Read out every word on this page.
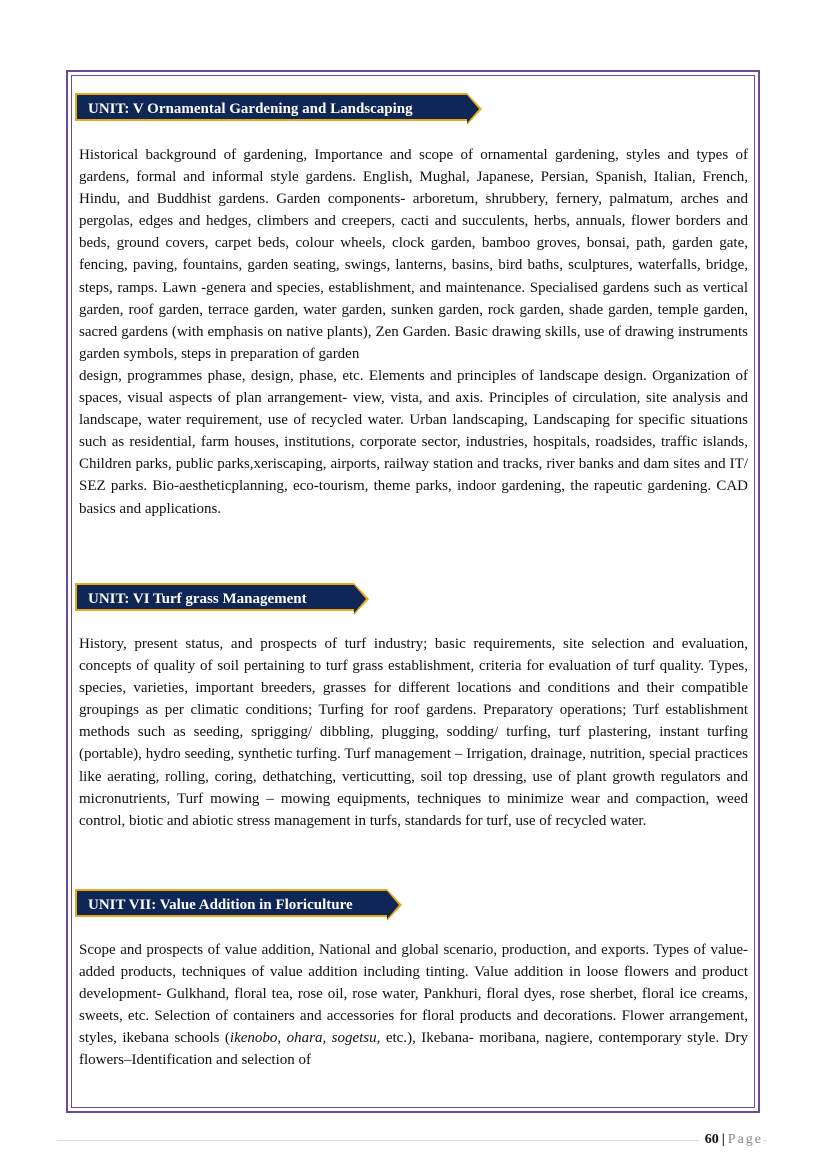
UNIT: V Ornamental Gardening and Landscaping

Historical background of gardening, Importance and scope of ornamental gardening, styles and types of gardens, formal and informal style gardens. English, Mughal, Japanese, Persian, Spanish, Italian, French, Hindu, and Buddhist gardens. Garden components- arboretum, shrubbery, fernery, palmatum, arches and pergolas, edges and hedges, climbers and creepers, cacti and succulents, herbs, annuals, flower borders and beds, ground covers, carpet beds, colour wheels, clock garden, bamboo groves, bonsai, path, garden gate, fencing, paving, fountains, garden seating, swings, lanterns, basins, bird baths, sculptures, waterfalls, bridge, steps, ramps. Lawn -genera and species, establishment, and maintenance. Specialised gardens such as vertical garden, roof garden, terrace garden, water garden, sunken garden, rock garden, shade garden, temple garden, sacred gardens (with emphasis on native plants), Zen Garden. Basic drawing skills, use of drawing instruments garden symbols, steps in preparation of garden
design, programmes phase, design, phase, etc. Elements and principles of landscape design. Organization of spaces, visual aspects of plan arrangement- view, vista, and axis. Principles of circulation, site analysis and landscape, water requirement, use of recycled water. Urban landscaping, Landscaping for specific situations such as residential, farm houses, institutions, corporate sector, industries, hospitals, roadsides, traffic islands, Children parks, public parks,xeriscaping, airports, railway station and tracks, river banks and dam sites and IT/ SEZ parks. Bio-aestheticplanning, eco-tourism, theme parks, indoor gardening, the rapeutic gardening. CAD basics and applications.

UNIT: VI Turf grass Management

History, present status, and prospects of turf industry; basic requirements, site selection and evaluation, concepts of quality of soil pertaining to turf grass establishment, criteria for evaluation of turf quality. Types, species, varieties, important breeders, grasses for different locations and conditions and their compatible groupings as per climatic conditions; Turfing for roof gardens. Preparatory operations; Turf establishment methods such as seeding, sprigging/ dibbling, plugging, sodding/ turfing, turf plastering, instant turfing (portable), hydro seeding, synthetic turfing. Turf management – Irrigation, drainage, nutrition, special practices like aerating, rolling, coring, dethatching, verticutting, soil top dressing, use of plant growth regulators and micronutrients, Turf mowing – mowing equipments, techniques to minimize wear and compaction, weed control, biotic and abiotic stress management in turfs, standards for turf, use of recycled water.

UNIT VII: Value Addition in Floriculture

Scope and prospects of value addition, National and global scenario, production, and exports. Types of value-added products, techniques of value addition including tinting. Value addition in loose flowers and product development- Gulkhand, floral tea, rose oil, rose water, Pankhuri, floral dyes, rose sherbet, floral ice creams, sweets, etc. Selection of containers and accessories for floral products and decorations. Flower arrangement, styles, ikebana schools (ikenobo, ohara, sogetsu, etc.), Ikebana- moribana, nagiere, contemporary style. Dry flowers–Identification and selection of

60 | Page
